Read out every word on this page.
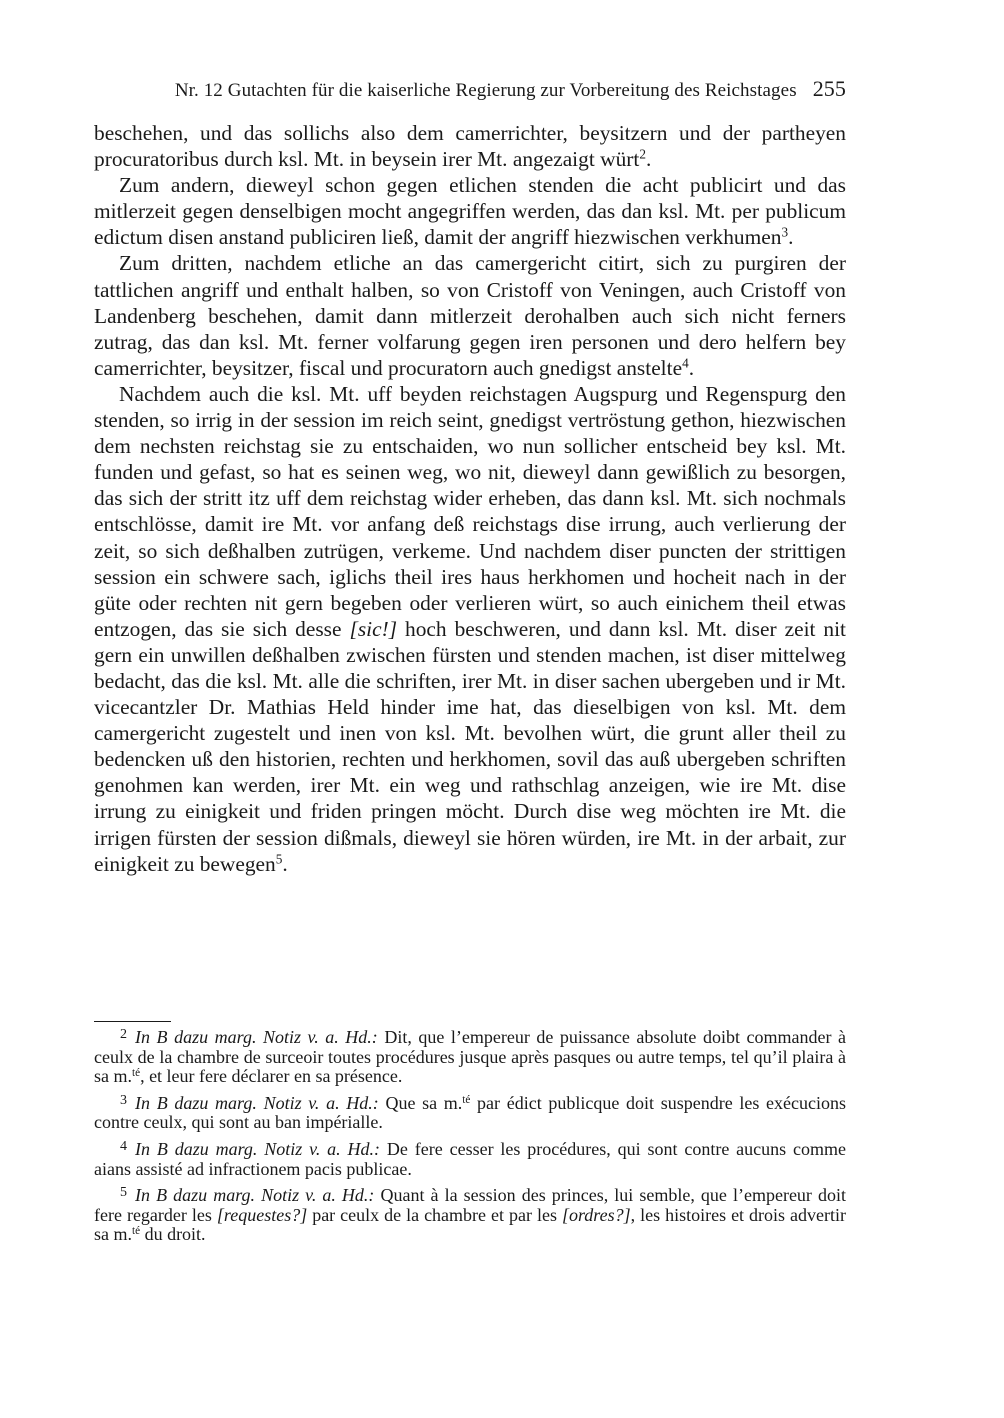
Nr. 12 Gutachten für die kaiserliche Regierung zur Vorbereitung des Reichstages 255

beschehen, und das sollichs also dem camerrichter, beysitzern und der partheyen procuratoribus durch ksl. Mt. in beysein irer Mt. angezaigt würt$^2$.

Zum andern, dieweyl schon gegen etlichen stenden die acht publicirt und das mitlerzeit gegen denselbigen mocht angegriffen werden, das dan ksl. Mt. per publicum edictum disen anstand publiciren ließ, damit der angriff hiezwischen verkhumen$^3$.

Zum dritten, nachdem etliche an das camergericht citirt, sich zu purgiren der tattlichen angriff und enthalt halben, so von Cristoff von Veningen, auch Cristoff von Landenberg beschehen, damit dann mitlerzeit derohalben auch sich nicht ferners zutrag, das dan ksl. Mt. ferner volfarung gegen iren personen und dero helfern bey camerrichter, beysitzer, fiscal und procuratorn auch gnedigst anstelte$^4$.

Nachdem auch die ksl. Mt. uff beyden reichstagen Augspurg und Regenspurg den stenden, so irrig in der session im reich seint, gnedigst vertröstung gethon, hiezwischen dem nechsten reichstag sie zu entschaiden, wo nun sollicher entscheid bey ksl. Mt. funden und gefast, so hat es seinen weg, wo nit, dieweyl dann gewißlich zu besorgen, das sich der stritt itz uff dem reichstag wider erheben, das dann ksl. Mt. sich nochmals entschlösse, damit ire Mt. vor anfang deß reichstags dise irrung, auch verlierung der zeit, so sich deßhalben zutrügen, verkeme. Und nachdem diser puncten der strittigen session ein schwere sach, iglichs theil ires haus herkhomen und hocheit nach in der güte oder rechten nit gern begeben oder verlieren würt, so auch einichem theil etwas entzogen, das sie sich desse [sic!] hoch beschweren, und dann ksl. Mt. diser zeit nit gern ein unwillen deßhalben zwischen fürsten und stenden machen, ist diser mittelweg bedacht, das die ksl. Mt. alle die schriften, irer Mt. in diser sachen ubergeben und ir Mt. vicecantzler Dr. Mathias Held hinder ime hat, das dieselbigen von ksl. Mt. dem camergericht zugestelt und inen von ksl. Mt. bevolhen würt, die grunt aller theil zu bedencken uß den historien, rechten und herkhomen, sovil das auß ubergeben schriften genohmen kan werden, irer Mt. ein weg und rathschlag anzeigen, wie ire Mt. dise irrung zu einigkeit und friden pringen möcht. Durch dise weg möchten ire Mt. die irrigen fürsten der session dißmals, dieweyl sie hören würden, ire Mt. in der arbait, zur einigkeit zu bewegen$^5$.

$^2$ In B dazu marg. Notiz v. a. Hd.: Dit, que l’empereur de puissance absolute doibt commander à ceulx de la chambre de surceoir toutes procédures jusque après pasques ou autre temps, tel qu’il plaira à sa m.$^{té}$, et leur fere déclarer en sa présence.

$^3$ In B dazu marg. Notiz v. a. Hd.: Que sa m.$^{té}$ par édict publicque doit suspendre les exécucions contre ceulx, qui sont au ban impérialle.

$^4$ In B dazu marg. Notiz v. a. Hd.: De fere cesser les procédures, qui sont contre aucuns comme aians assisté ad infractionem pacis publicae.

$^5$ In B dazu marg. Notiz v. a. Hd.: Quant à la session des princes, lui semble, que l’empereur doit fere regarder les [requestes?] par ceulx de la chambre et par les [ordres?], les histoires et drois advertir sa m.$^{té}$ du droit.
